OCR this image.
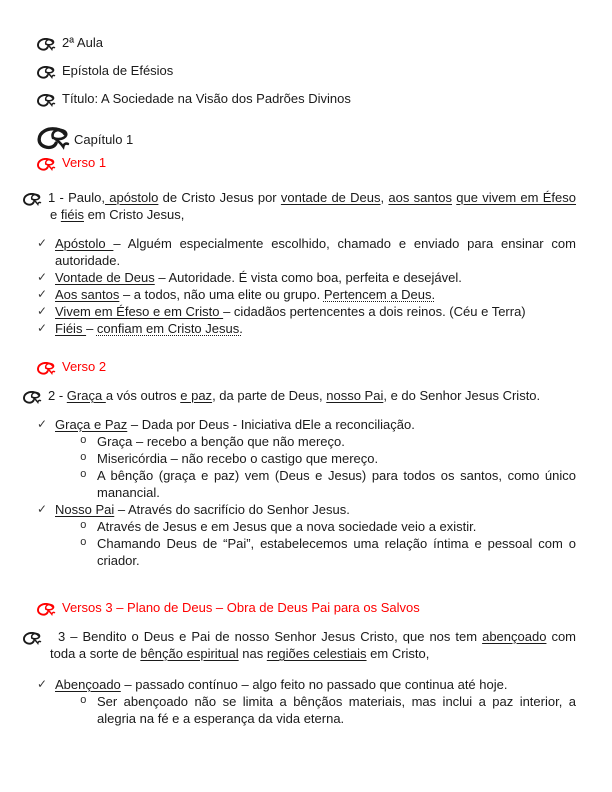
2ª Aula
Epístola de Efésios
Título: A Sociedade na Visão dos Padrões Divinos
Capítulo 1
Verso 1
1 - Paulo, apóstolo de Cristo Jesus por vontade de Deus, aos santos que vivem em Éfeso e fiéis em Cristo Jesus,
✓ Apóstolo – Alguém especialmente escolhido, chamado e enviado para ensinar com autoridade.
✓ Vontade de Deus – Autoridade. É vista como boa, perfeita e desejável.
✓ Aos santos – a todos, não uma elite ou grupo. Pertencem a Deus.
✓ Vivem em Éfeso e em Cristo – cidadãos pertencentes a dois reinos. (Céu e Terra)
✓ Fiéis – confiam em Cristo Jesus.
Verso 2
2 - Graça a vós outros e paz, da parte de Deus, nosso Pai, e do Senhor Jesus Cristo.
✓ Graça e Paz – Dada por Deus - Iniciativa dEle a reconciliação.
o Graça – recebo a benção que não mereço.
o Misericórdia – não recebo o castigo que mereço.
o A bênção (graça e paz) vem (Deus e Jesus) para todos os santos, como único manancial.
✓ Nosso Pai – Através do sacrifício do Senhor Jesus.
o Através de Jesus e em Jesus que a nova sociedade veio a existir.
o Chamando Deus de “Pai”, estabelecemos uma relação íntima e pessoal com o criador.
Versos 3 – Plano de Deus – Obra de Deus Pai para os Salvos
3 – Bendito o Deus e Pai de nosso Senhor Jesus Cristo, que nos tem abençoado com toda a sorte de bênção espiritual nas regiões celestiais em Cristo,
✓ Abençoado – passado contínuo – algo feito no passado que continua até hoje.
o Ser abençoado não se limita a bênçãos materiais, mas inclui a paz interior, a alegria na fé e a esperança da vida eterna.
